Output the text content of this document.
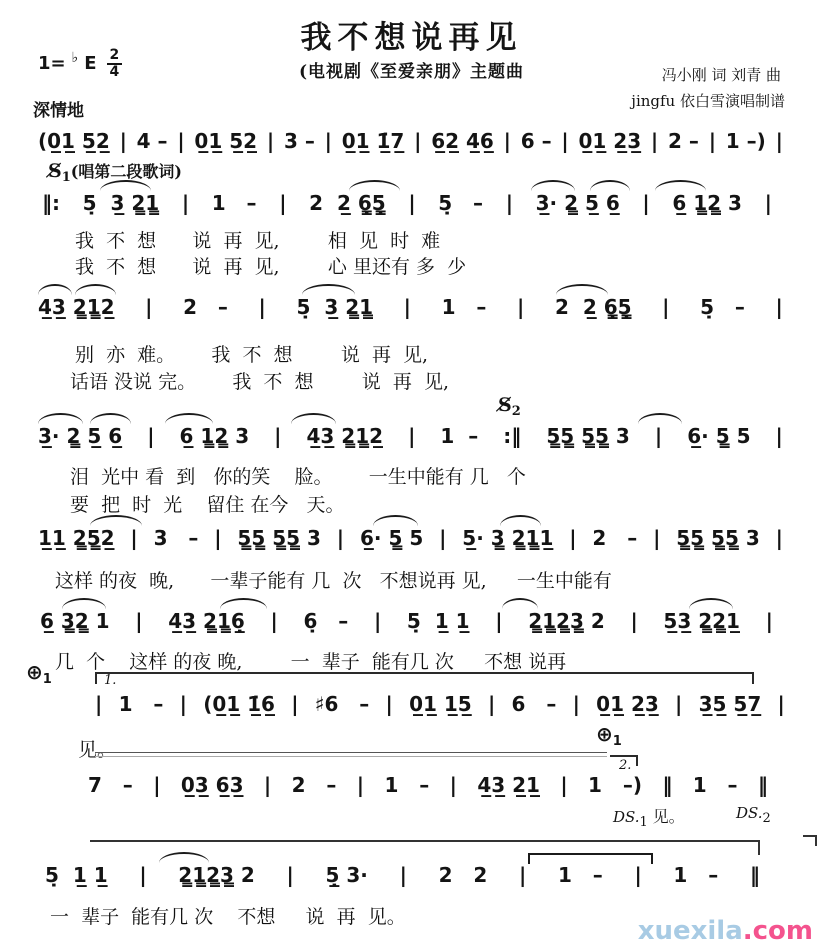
我不想说再见
(电视剧《至爱亲朋》主题曲
1= ♭ E $\frac{2}{4}$
深情地
冯小刚 词 刘青 曲
jingfu 依白雪演唱制谱
(0̲1̲ 5̲2̲ | 4 – | 0̲1̲ 5̲2̲ | 3 – | 0̲1̲ 1̲̇7̲ | 6̲2̲ 4̲6̲ | 6 – | 0̲1̲ 2̲3̲ | 2 – | 1 –) |
$S̸_1$(唱第二段歌词)
‖: 5̣  3̲ 2̳1̳ | 1   – | 2  2̲ 6̳̣5̳̣ | 5̣   – | 3̲· 2̳ 5̲ 6̲ | 6̲ 1̳2̳ 3 |
我  不  想      说  再  见,        相  见  时  难
我  不  想      说  再  见,        心 里还有 多  少
4̲3̲ 2̳1̳2̲ | 2   – | 5̣  3̲ 2̳1̳ | 1   – | 2  2̲ 6̳̣5̳̣ | 5̣   – |
别  亦  难。      我  不  想        说  再  见,
话语 没说 完。      我  不  想        说  再  见,
$S̸_2$
3̲· 2̳ 5̲ 6̲ | 6̲ 1̳2̳ 3 | 4̲3̲ 2̳1̳2̲ | 1  – :‖ 5̳5̳ 5̳5̳ 3 | 6̲· 5̳ 5 |
泪  光中 看  到   你的笑    脸。      一生中能有 几   个
要  把  时  光    留住 在今   天。
1̲1̲ 2̳5̳2̲ | 3   – | 5̳5̳ 5̳5̳ 3 | 6̲· 5̳ 5 | 5̲· 3̳ 2̳1̳1̲ | 2   – | 5̳5̳ 5̳5̳ 3 |
这样 的夜  晚,      一辈子能有 几  次   不想说再 见,     一生中能有
6̲ 3̳2̳ 1 | 4̲3̲ 2̳1̳6̲̣ | 6̣   – | 5̣  1̲ 1̲ | 2̳1̳2̳3̳ 2 | 5̲3̲ 2̳2̳1̲ |
几  个    这样 的夜 晚,        一  辈子  能有几 次     不想 说再
$\oplus_1$	1.
| 1   – | (0̲1̲ 1̲̇6̲ | ♯6   – | 0̲1̲ 1̲5̲ | 6   – | 0̲1̲ 2̲3̲ | 3̲5̲ 5̲7̲ |
见。
$\oplus_1$
2.
7   – | 0̲3̲ 6̲3̲ | 2   – | 1   – | 4̲3̲ 2̲1̲ | 1   –) ‖ 1   – ‖
DS.1 见。	DS.2
5̣  1̲ 1̲ | 2̳1̳2̳3̳ 2 | 5̲̣ 3· | 2   2 | 1   – | 1   – ‖
一  辈子  能有几 次    不想     说  再  见。	xuexila.com
